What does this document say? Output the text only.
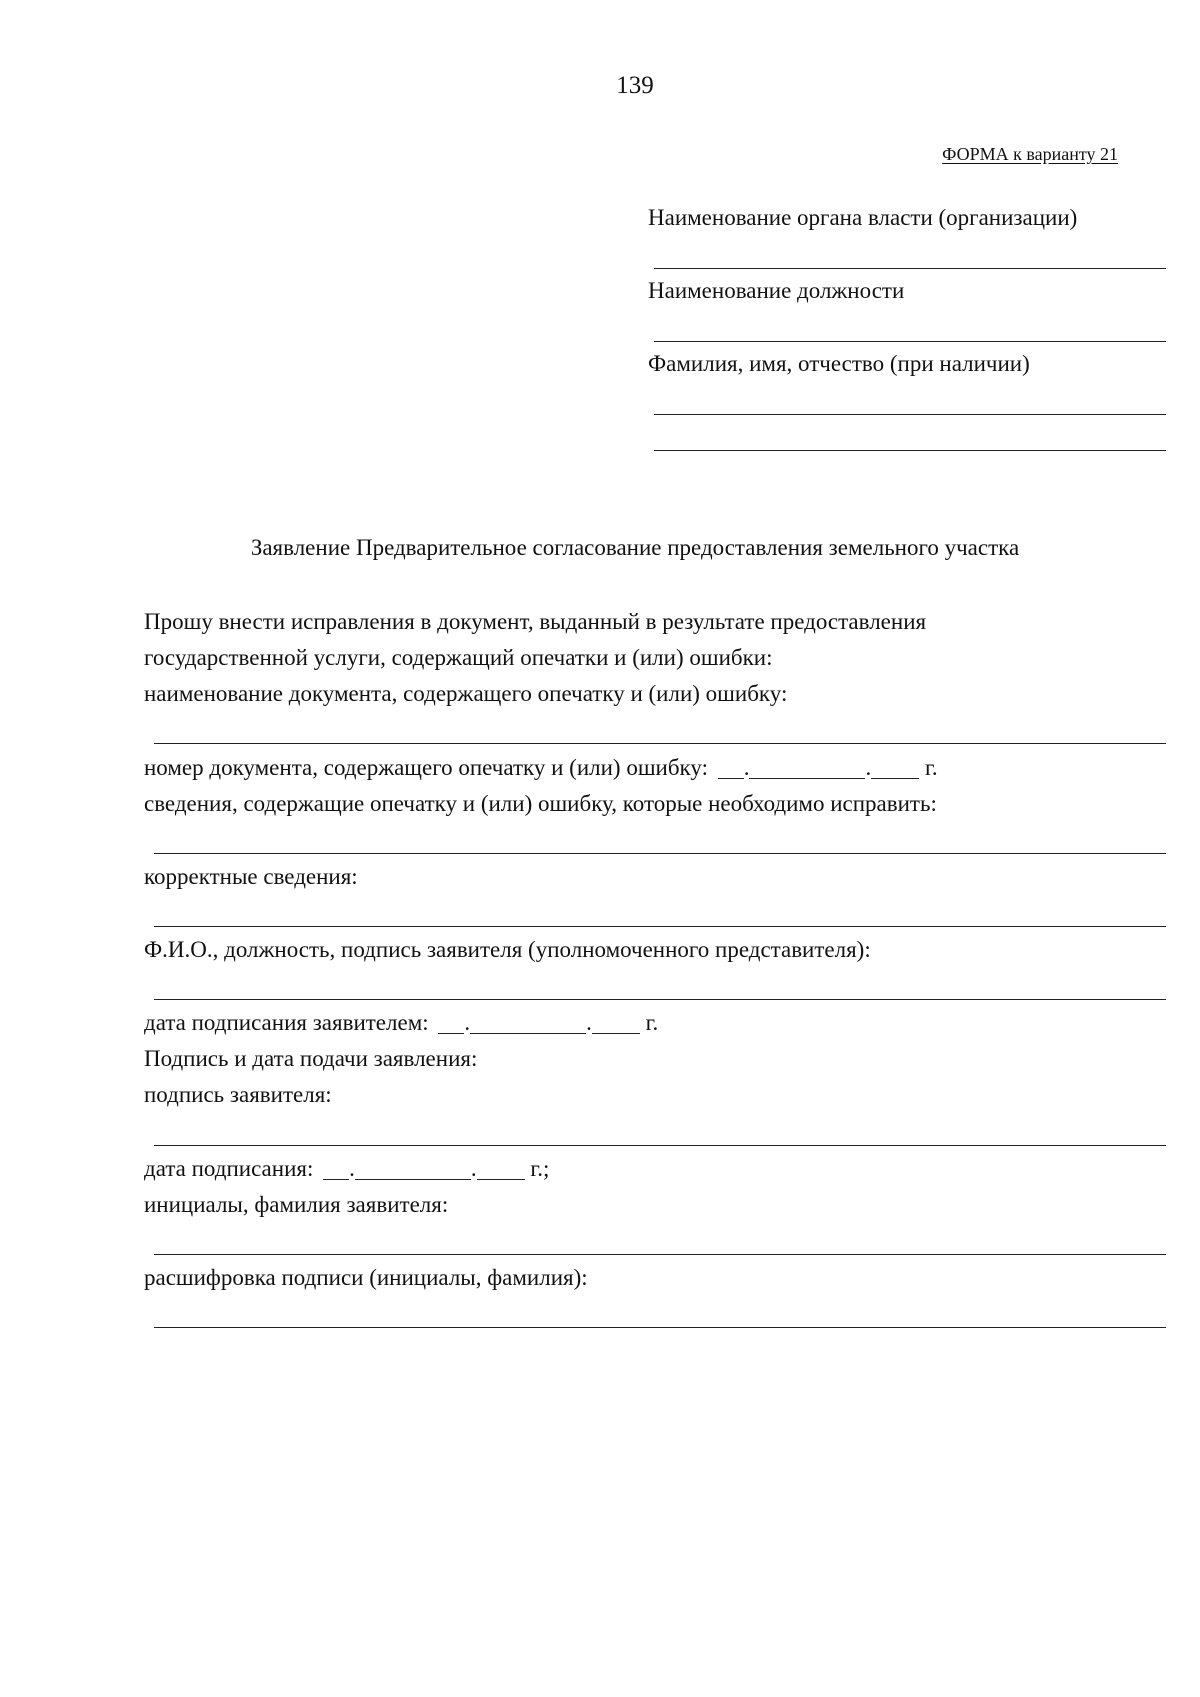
139
ФОРМА к варианту 21
Наименование органа власти (организации)
Наименование должности
Фамилия, имя, отчество (при наличии)
Заявление Предварительное согласование предоставления земельного участка
Прошу внести исправления в документ, выданный в результате предоставления
государственной услуги, содержащий опечатки и (или) ошибки:
наименование документа, содержащего опечатку и (или) ошибку:
номер документа, содержащего опечатку и (или) ошибку: .	. г.
сведения, содержащие опечатку и (или) ошибку, которые необходимо исправить:
корректные сведения:
Ф.И.О., должность, подпись заявителя (уполномоченного представителя):
дата подписания заявителем: .	. г.
Подпись и дата подачи заявления:
подпись заявителя:
дата подписания: .	. г.;
инициалы, фамилия заявителя:
расшифровка подписи (инициалы, фамилия):
